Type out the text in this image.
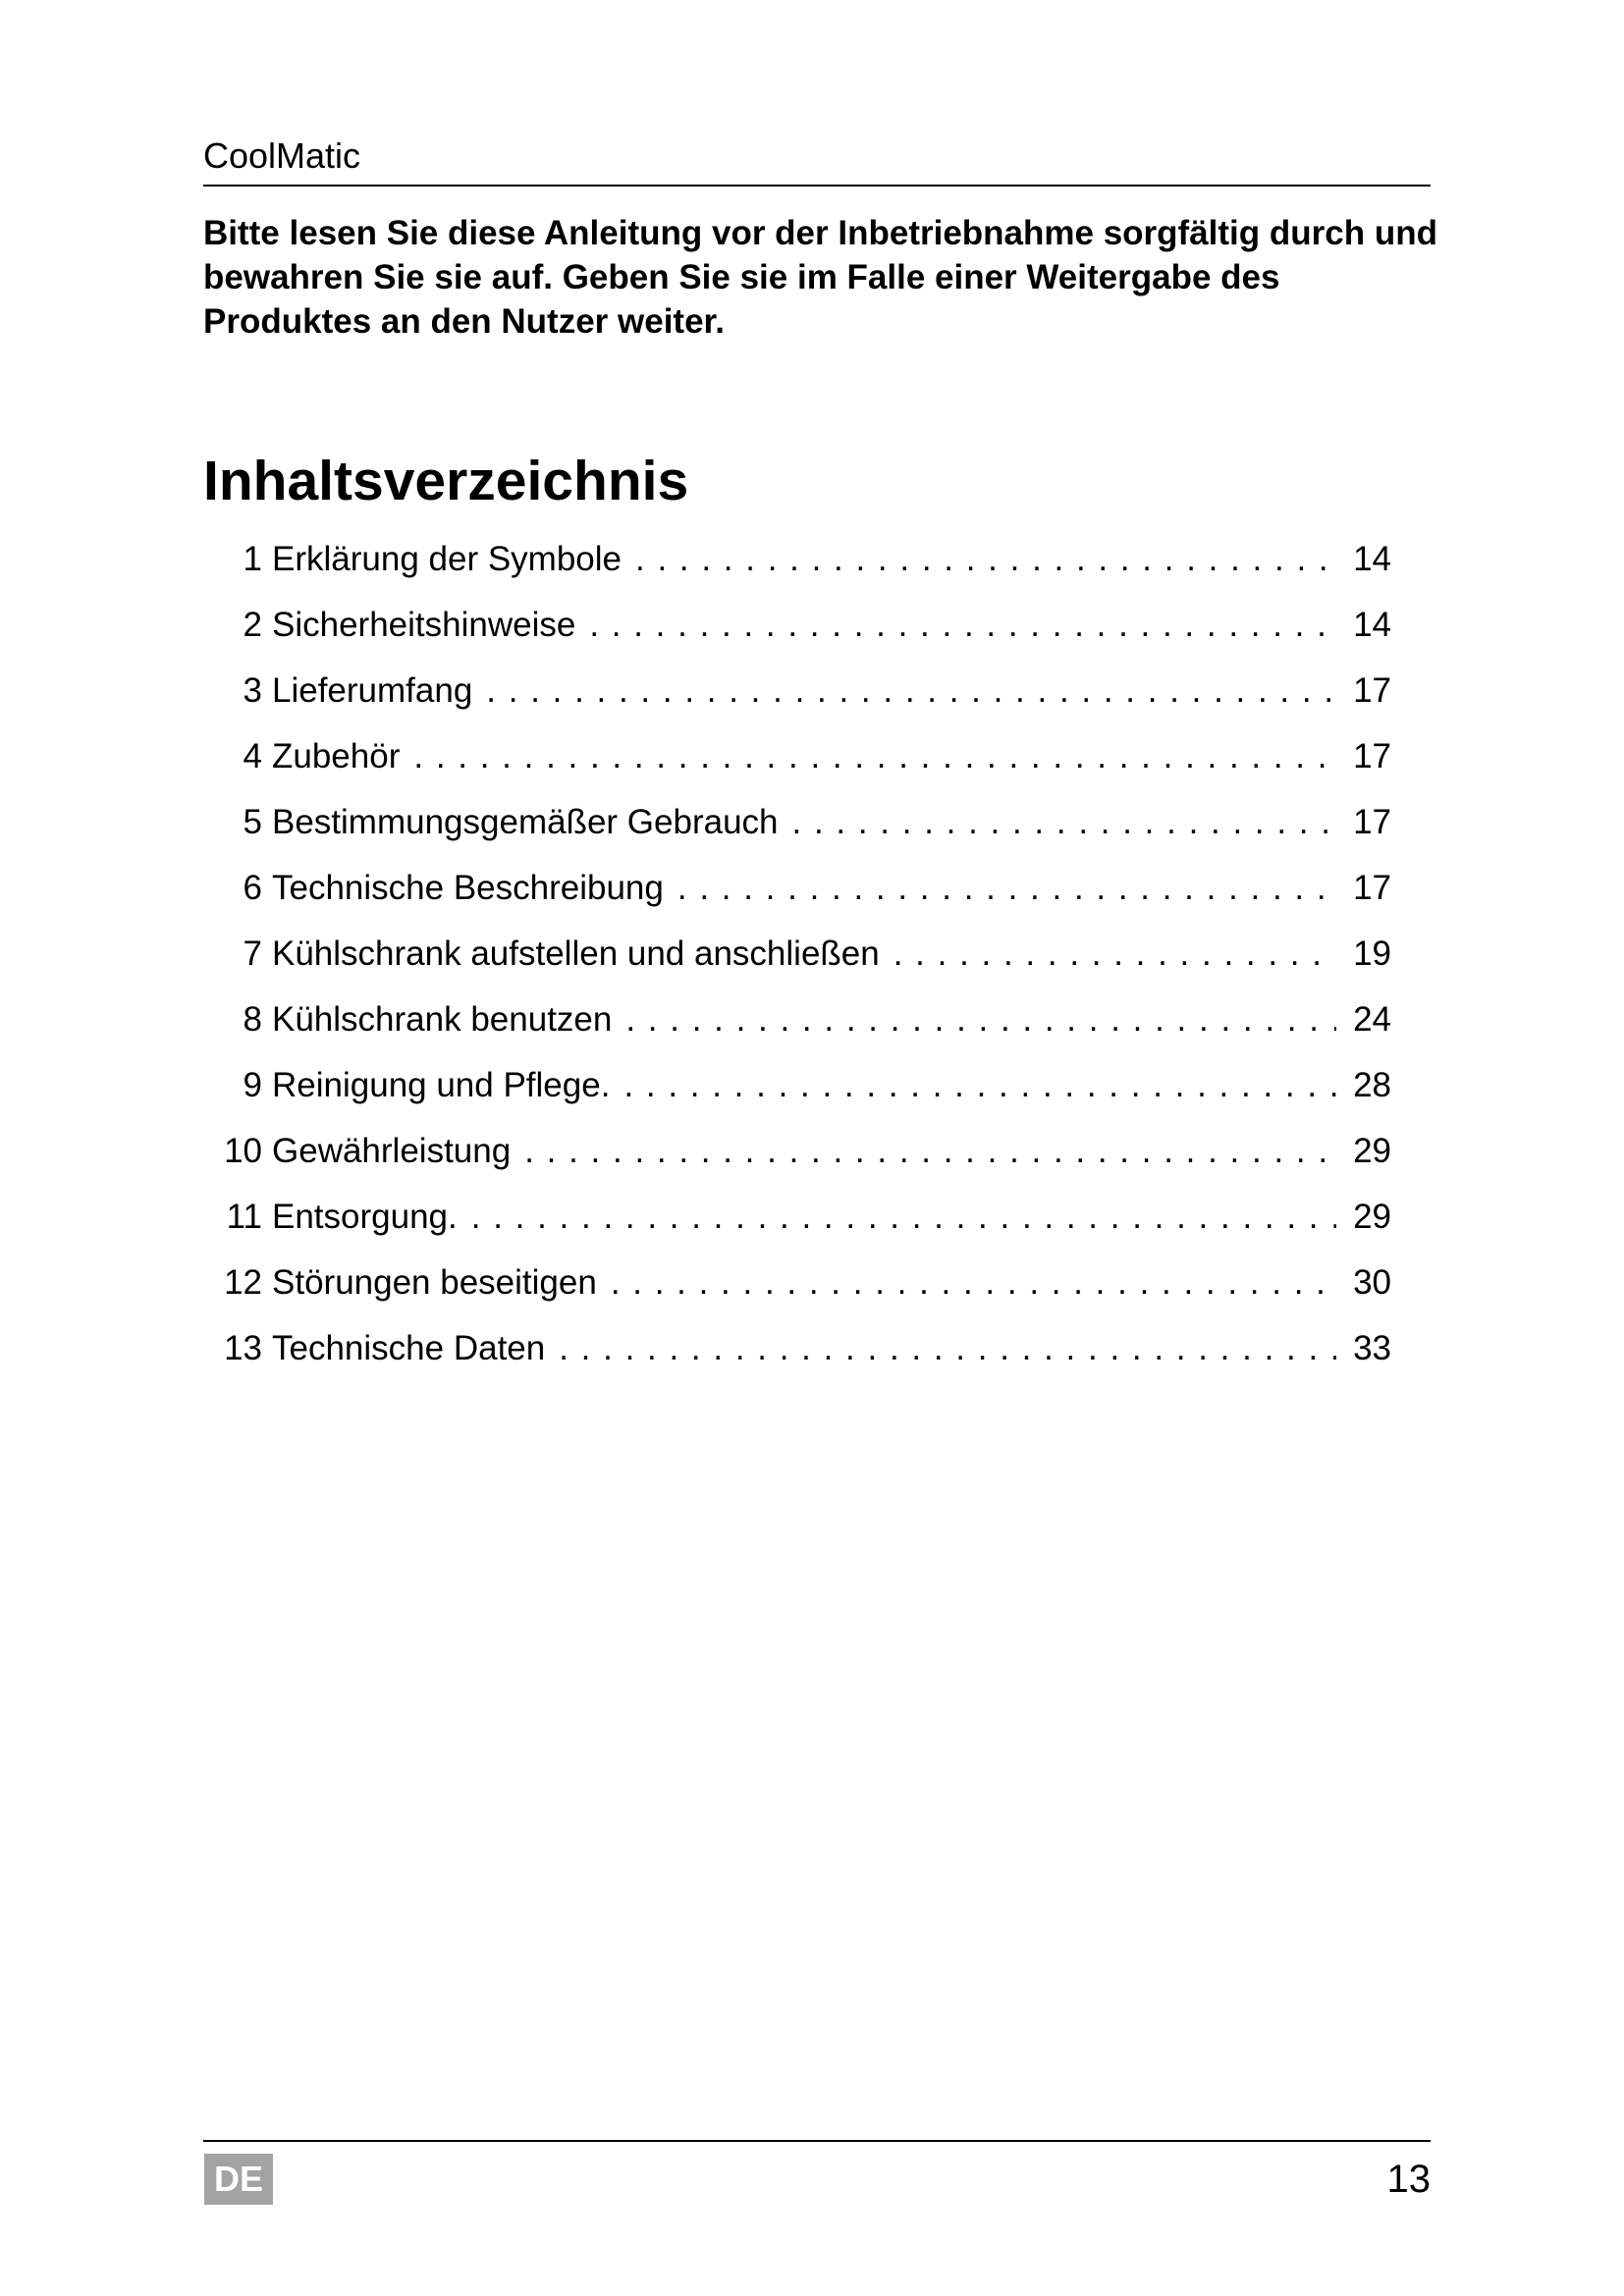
CoolMatic

Bitte lesen Sie diese Anleitung vor der Inbetriebnahme sorgfältig durch und bewahren Sie sie auf. Geben Sie sie im Falle einer Weitergabe des Produktes an den Nutzer weiter.

Inhaltsverzeichnis
1 Erklärung der Symbole . . .	14
2 Sicherheitshinweise . . .	14
3 Lieferumfang . . .	17
4 Zubehör . . .	17
5 Bestimmungsgemäßer Gebrauch . . .	17
6 Technische Beschreibung . . .	17
7 Kühlschrank aufstellen und anschließen . . .	19
8 Kühlschrank benutzen . . .	24
9 Reinigung und Pflege. . . .	28
10 Gewährleistung . . .	29
11 Entsorgung. . . .	29
12 Störungen beseitigen . . .	30
13 Technische Daten . . .	33
DE	13
